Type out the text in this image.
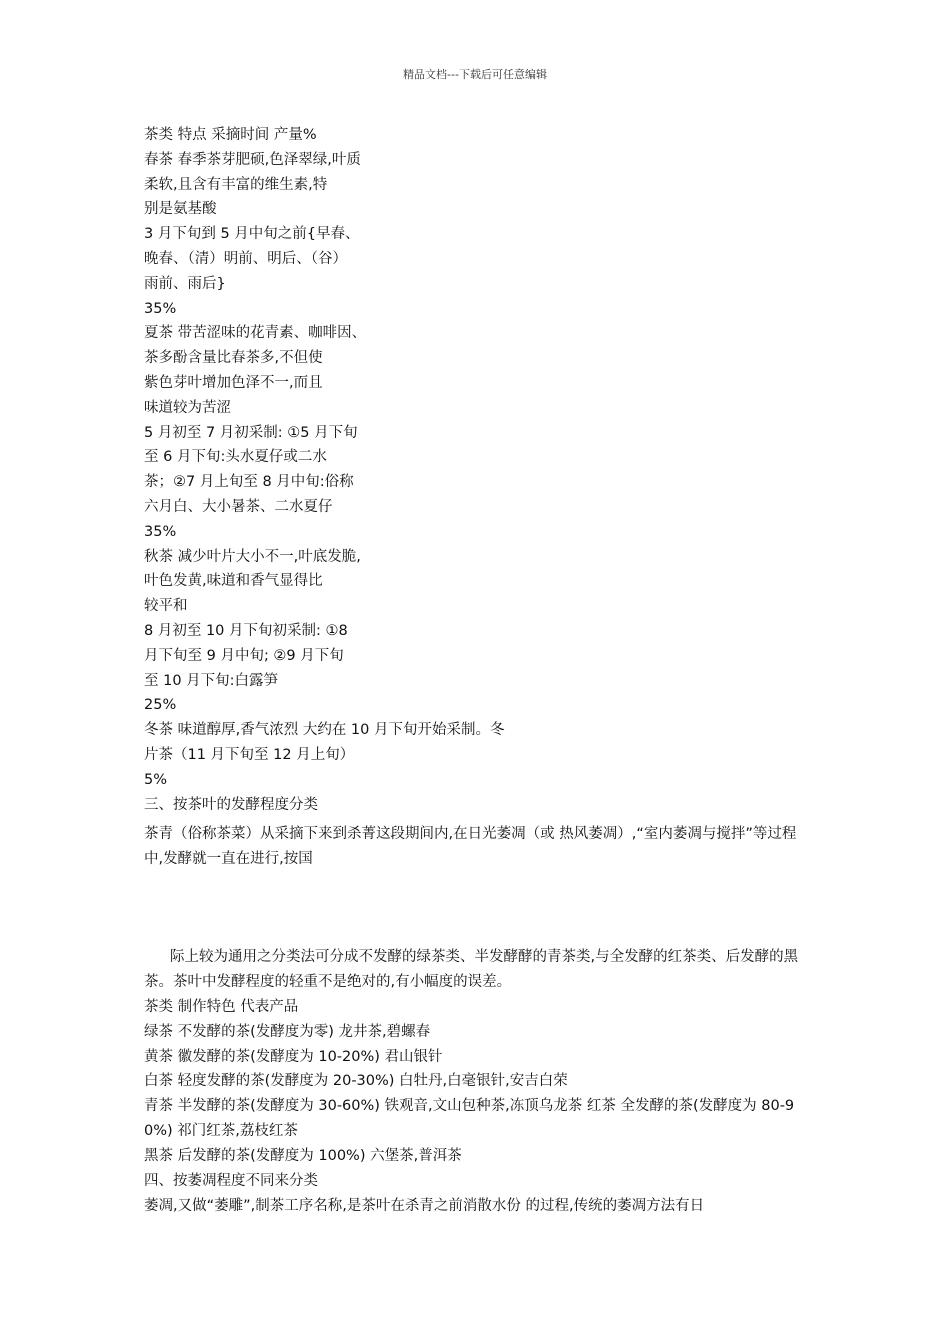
精品文档---下载后可任意编辑
茶类 特点 采摘时间 产量%
春茶 春季茶芽肥硕,色泽翠绿,叶质
柔软,且含有丰富的维生素,特
别是氨基酸
3 月下旬到 5 月中旬之前{早春、
晚春、（清）明前、明后、（谷）
雨前、雨后}
35%
夏茶 带苦涩味的花青素、咖啡因、
茶多酚含量比春茶多,不但使
紫色芽叶增加色泽不一,而且
味道较为苦涩
5 月初至 7 月初采制: ①5 月下旬
至 6 月下旬:头水夏仔或二水
茶；②7 月上旬至 8 月中旬:俗称
六月白、大小暑茶、二水夏仔
35%
秋茶 减少叶片大小不一,叶底发脆,
叶色发黄,味道和香气显得比
较平和
8 月初至 10 月下旬初采制: ①8
月下旬至 9 月中旬; ②9 月下旬
至 10 月下旬:白露笋
25%
冬茶 味道醇厚,香气浓烈 大约在 10 月下旬开始采制。冬
片茶（11 月下旬至 12 月上旬）
5%
三、按茶叶的发酵程度分类
茶青（俗称茶菜）从采摘下来到杀菁这段期间内,在日光萎凋（或 热风萎凋）,“室内萎凋与搅拌”等过程中,发酵就一直在进行,按国
际上较为通用之分类法可分成不发酵的绿茶类、半发酵酵的青茶类,与全发酵的红茶类、后发酵的黑茶。茶叶中发酵程度的轻重不是绝对的,有小幅度的误差。
茶类 制作特色 代表产品
绿茶 不发酵的茶(发酵度为零) 龙井茶,碧螺春
黄茶 徽发酵的茶(发酵度为 10-20%) 君山银针
白茶 轻度发酵的茶(发酵度为 20-30%) 白牡丹,白毫银针,安吉白荣
青茶 半发酵的茶(发酵度为 30-60%) 铁观音,文山包种茶,冻顶乌龙茶 红茶 全发酵的茶(发酵度为 80-90%) 祁门红茶,荔枝红茶
黑茶 后发酵的茶(发酵度为 100%) 六堡茶,普洱茶
四、按萎凋程度不同来分类
萎凋,又做“萎雕”,制茶工序名称,是茶叶在杀青之前消散水份 的过程,传统的萎凋方法有日
